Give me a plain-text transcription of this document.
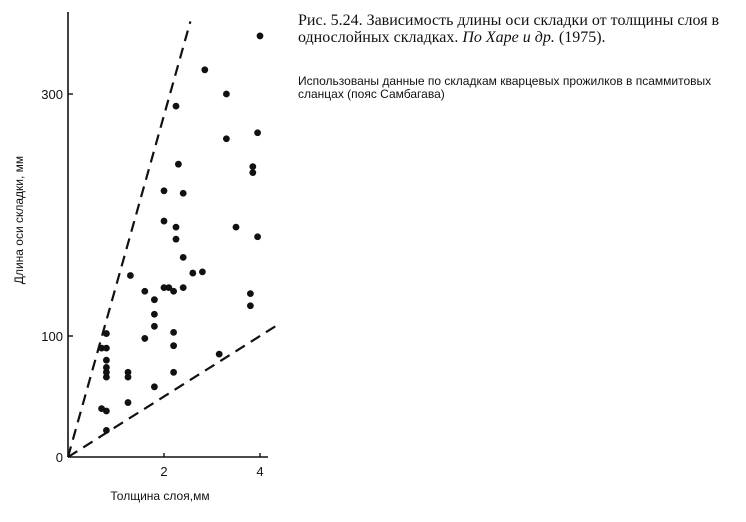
2	4
0
100
300
Толщина слоя,мм
Длина оси складки, мм

Рис. 5.24. Зависимость длины оси складки от толщины слоя в однослойных складках. По Харе и др. (1975).

Использованы данные по складкам кварцевых прожилков в псаммитовых сланцах (пояс Самбагава)
